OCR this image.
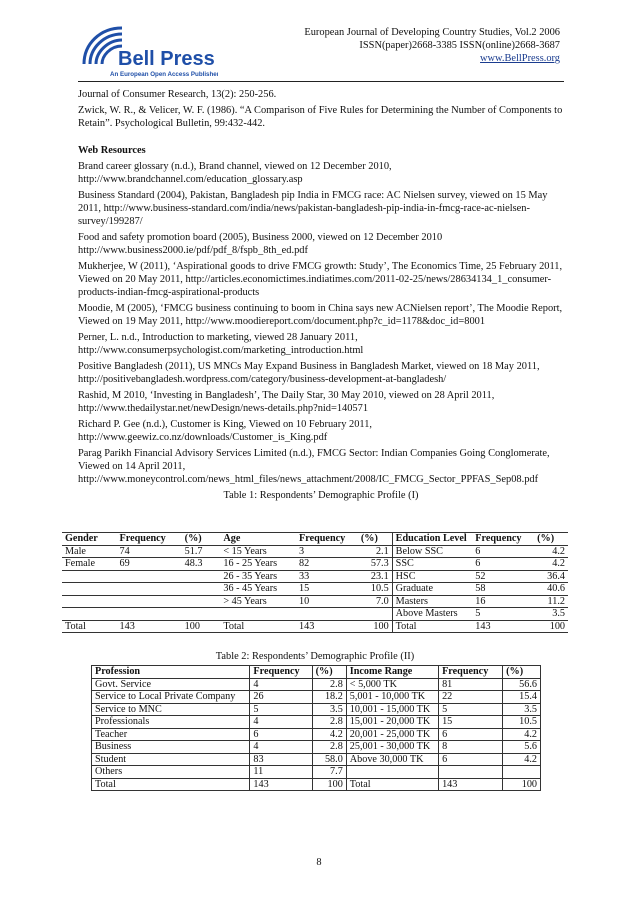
Bell Press
An European Open Access Publisher
European Journal of Developing Country Studies, Vol.2 2006
ISSN(paper)2668-3385 ISSN(online)2668-3687
www.BellPress.org
Journal of Consumer Research, 13(2): 250-256.
Zwick, W. R., & Velicer, W. F. (1986). “A Comparison of Five Rules for Determining the Number of Components to Retain”. Psychological Bulletin, 99:432-442.
Web Resources
Brand career glossary (n.d.), Brand channel, viewed on 12 December 2010, http://www.brandchannel.com/education_glossary.asp
Business Standard (2004), Pakistan, Bangladesh pip India in FMCG race: AC Nielsen survey, viewed on 15 May 2011, http://www.business-standard.com/india/news/pakistan-bangladesh-pip-india-in-fmcg-race-ac-nielsen-survey/199287/
Food and safety promotion board (2005), Business 2000, viewed on 12 December 2010 http://www.business2000.ie/pdf/pdf_8/fspb_8th_ed.pdf
Mukherjee, W (2011), ‘Aspirational goods to drive FMCG growth: Study’, The Economics Time, 25 February 2011, Viewed on 20 May 2011, http://articles.economictimes.indiatimes.com/2011-02-25/news/28634134_1_consumer-products-indian-fmcg-aspirational-products
Moodie, M (2005), ‘FMCG business continuing to boom in China says new ACNielsen report’, The Moodie Report, Viewed on 19 May 2011, http://www.moodiereport.com/document.php?c_id=1178&doc_id=8001
Perner, L. n.d., Introduction to marketing, viewed 28 January 2011, http://www.consumerpsychologist.com/marketing_introduction.html
Positive Bangladesh (2011), US MNCs May Expand Business in Bangladesh Market, viewed on 18 May 2011, http://positivebangladesh.wordpress.com/category/business-development-at-bangladesh/
Rashid, M 2010, ‘Investing in Bangladesh’, The Daily Star, 30 May 2010, viewed on 28 April 2011, http://www.thedailystar.net/newDesign/news-details.php?nid=140571
Richard P. Gee (n.d.), Customer is King, Viewed on 10 February 2011, http://www.geewiz.co.nz/downloads/Customer_is_King.pdf
Parag Parikh Financial Advisory Services Limited (n.d.), FMCG Sector: Indian Companies Going Conglomerate, Viewed on 14 April 2011, http://www.moneycontrol.com/news_html_files/news_attachment/2008/IC_FMCG_Sector_PPFAS_Sep08.pdf
Table 1: Respondents’ Demographic Profile (I)
Gender	Frequency	(%)	Age	Frequency	(%)	Education Level	Frequency	(%)
Male	74	51.7	< 15 Years	3	2.1	Below SSC	6	4.2
Female	69	48.3	16 - 25 Years	82	57.3	SSC	6	4.2
			26 - 35 Years	33	23.1	HSC	52	36.4
			36 - 45 Years	15	10.5	Graduate	58	40.6
			> 45 Years	10	7.0	Masters	16	11.2
						Above Masters	5	3.5
Total	143	100	Total	143	100	Total	143	100
Table 2: Respondents’ Demographic Profile (II)
Profession	Frequency	(%)	Income Range	Frequency	(%)
Govt. Service	4	2.8	< 5,000 TK	81	56.6
Service to Local Private Company	26	18.2	5,001 - 10,000 TK	22	15.4
Service to MNC	5	3.5	10,001 - 15,000 TK	5	3.5
Professionals	4	2.8	15,001 - 20,000 TK	15	10.5
Teacher	6	4.2	20,001 - 25,000 TK	6	4.2
Business	4	2.8	25,001 - 30,000 TK	8	5.6
Student	83	58.0	Above 30,000 TK	6	4.2
Others	11	7.7			
Total	143	100	Total	143	100
8
